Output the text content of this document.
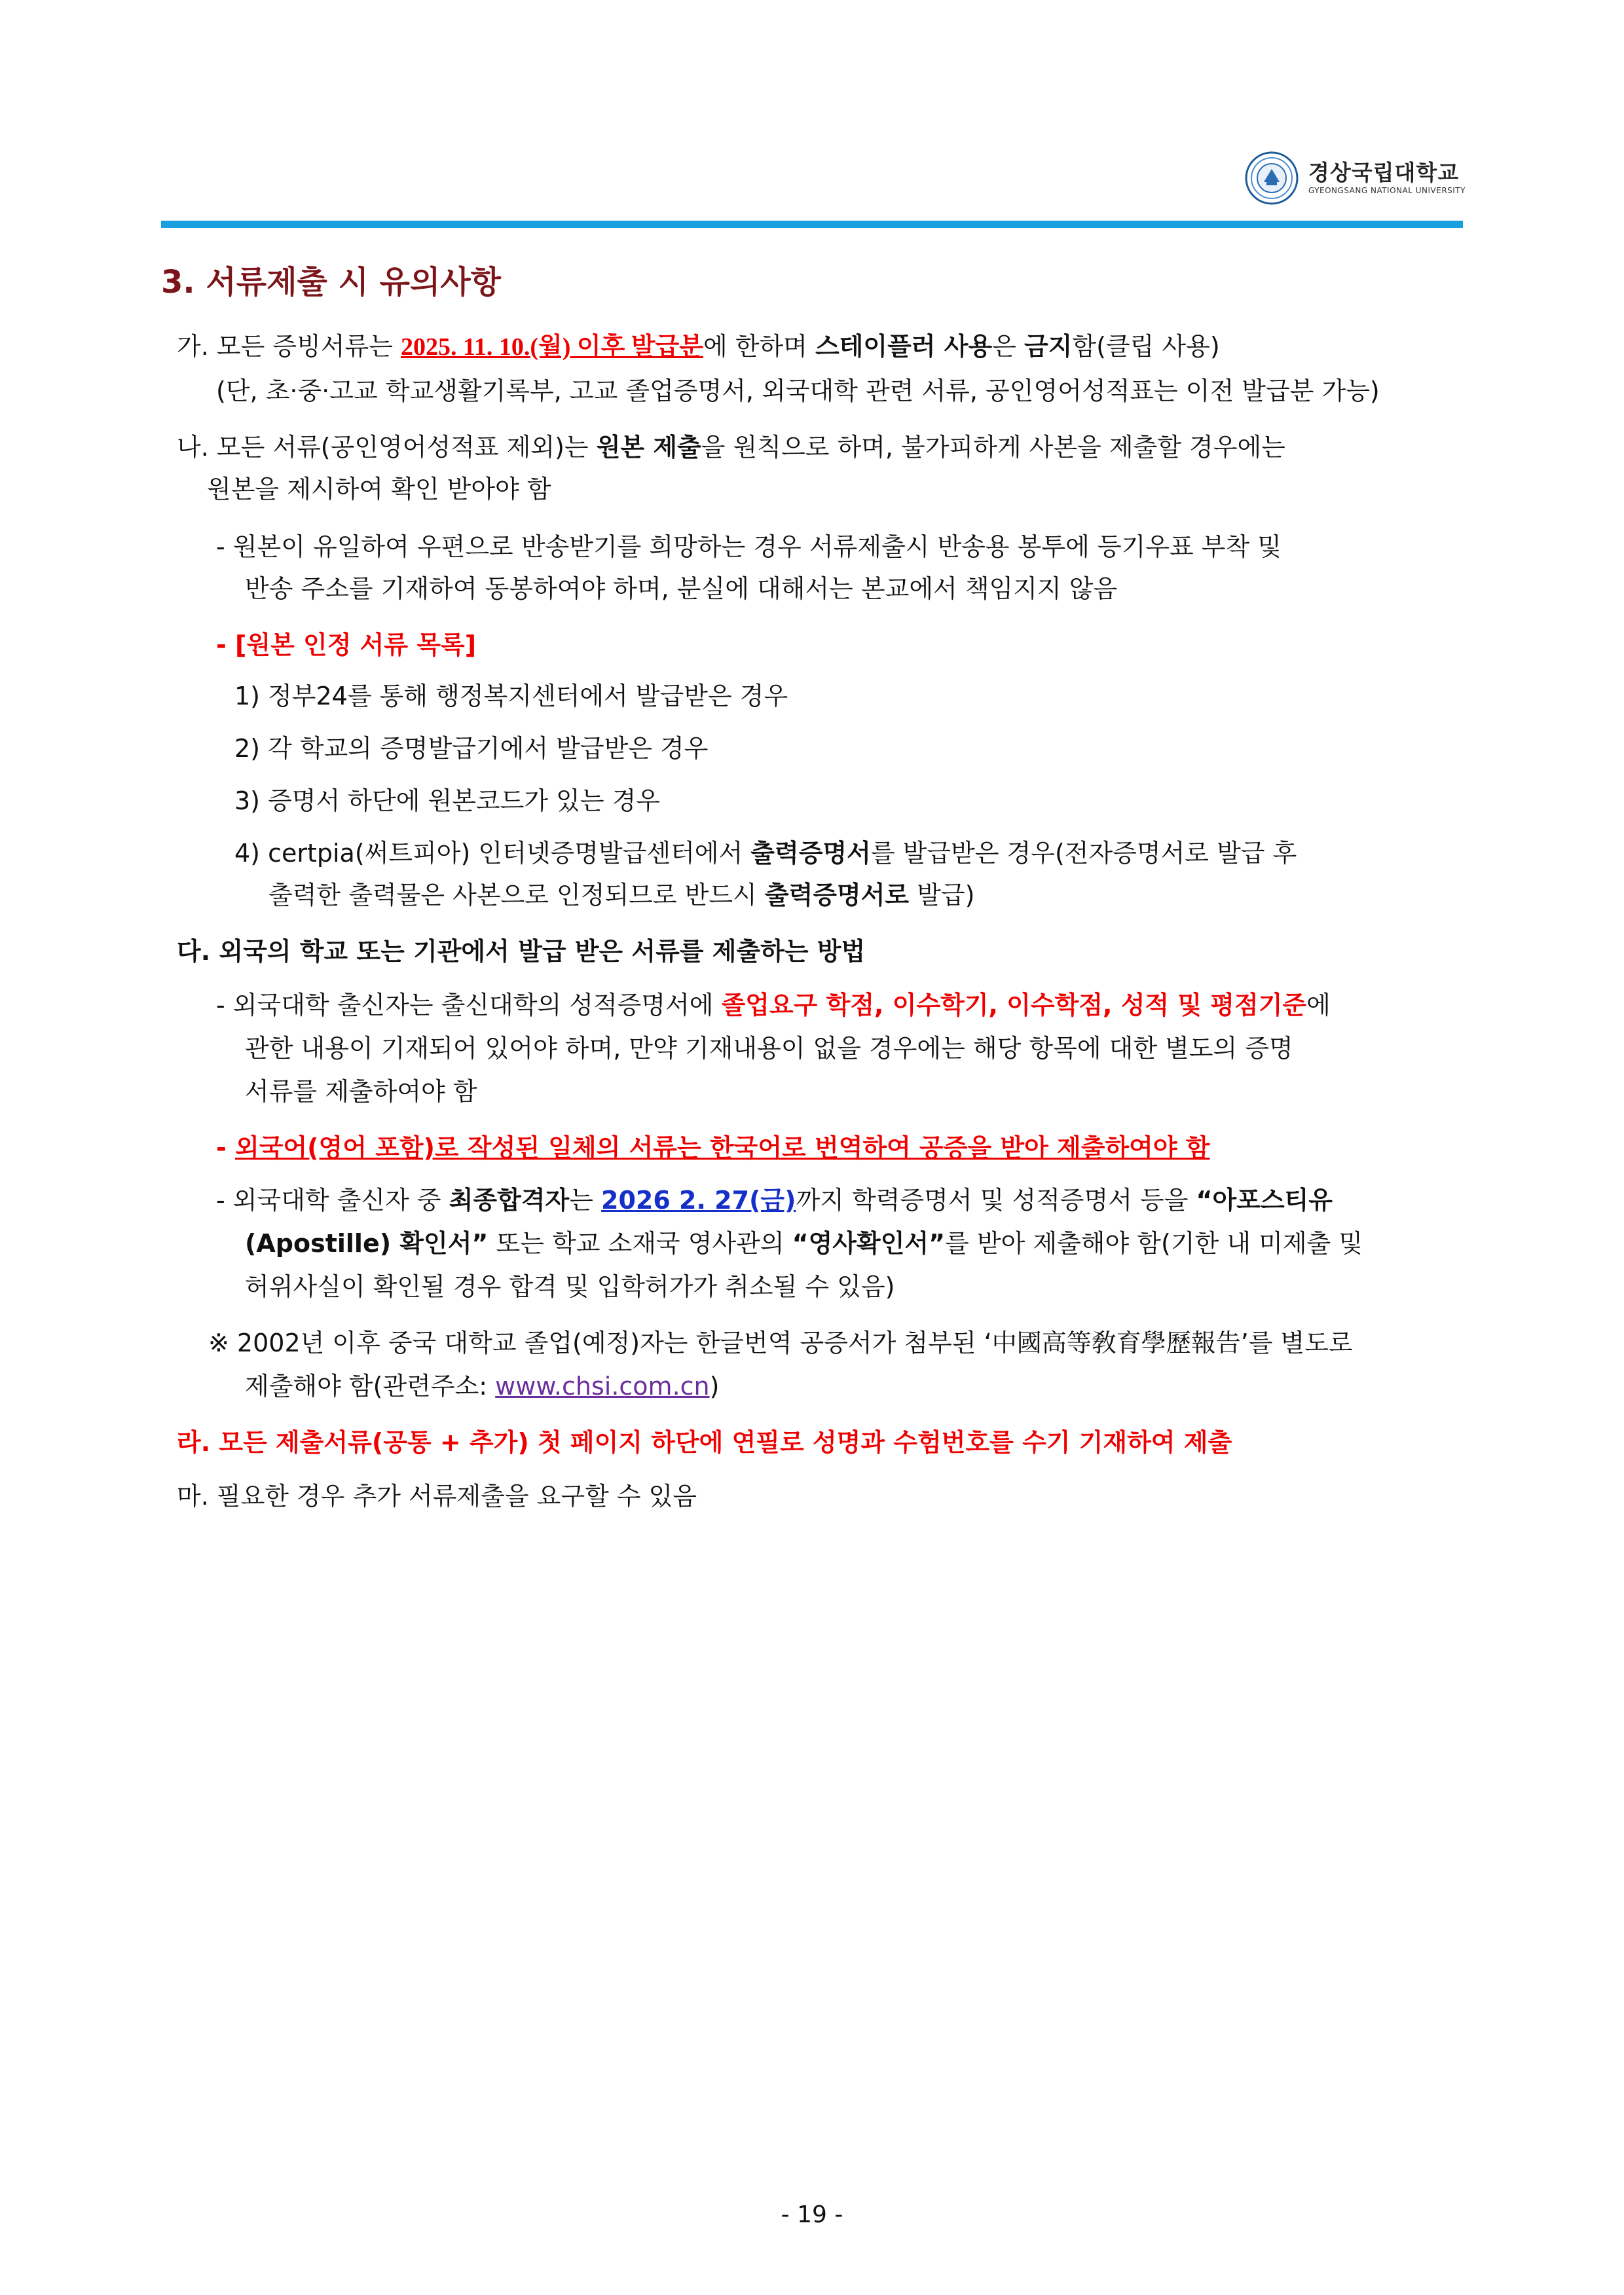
경상국립대학교
GYEONGSANG NATIONAL UNIVERSITY
3. 서류제출 시 유의사항
가. 모든 증빙서류는 2025. 11. 10.(월) 이후 발급분에 한하며 스테이플러 사용은 금지함(클립 사용)
(단, 초·중·고교 학교생활기록부, 고교 졸업증명서, 외국대학 관련 서류, 공인영어성적표는 이전 발급분 가능)
나. 모든 서류(공인영어성적표 제외)는 원본 제출을 원칙으로 하며, 불가피하게 사본을 제출할 경우에는
원본을 제시하여 확인 받아야 함
- 원본이 유일하여 우편으로 반송받기를 희망하는 경우 서류제출시 반송용 봉투에 등기우표 부착 및
반송 주소를 기재하여 동봉하여야 하며, 분실에 대해서는 본교에서 책임지지 않음
- [원본 인정 서류 목록]
1) 정부24를 통해 행정복지센터에서 발급받은 경우
2) 각 학교의 증명발급기에서 발급받은 경우
3) 증명서 하단에 원본코드가 있는 경우
4) certpia(써트피아) 인터넷증명발급센터에서 출력증명서를 발급받은 경우(전자증명서로 발급 후
출력한 출력물은 사본으로 인정되므로 반드시 출력증명서로 발급)
다. 외국의 학교 또는 기관에서 발급 받은 서류를 제출하는 방법
- 외국대학 출신자는 출신대학의 성적증명서에 졸업요구 학점, 이수학기, 이수학점, 성적 및 평점기준에
관한 내용이 기재되어 있어야 하며, 만약 기재내용이 없을 경우에는 해당 항목에 대한 별도의 증명
서류를 제출하여야 함
- 외국어(영어 포함)로 작성된 일체의 서류는 한국어로 번역하여 공증을 받아 제출하여야 함
- 외국대학 출신자 중 최종합격자는 2026 2. 27(금)까지 학력증명서 및 성적증명서 등을 “아포스티유
(Apostille) 확인서” 또는 학교 소재국 영사관의 “영사확인서”를 받아 제출해야 함(기한 내 미제출 및
허위사실이 확인될 경우 합격 및 입학허가가 취소될 수 있음)
※ 2002년 이후 중국 대학교 졸업(예정)자는 한글번역 공증서가 첨부된 ‘中國高等敎育學歷報告’를 별도로
제출해야 함(관련주소: www.chsi.com.cn)
라. 모든 제출서류(공통 + 추가) 첫 페이지 하단에 연필로 성명과 수험번호를 수기 기재하여 제출
마. 필요한 경우 추가 서류제출을 요구할 수 있음
- 19 -
